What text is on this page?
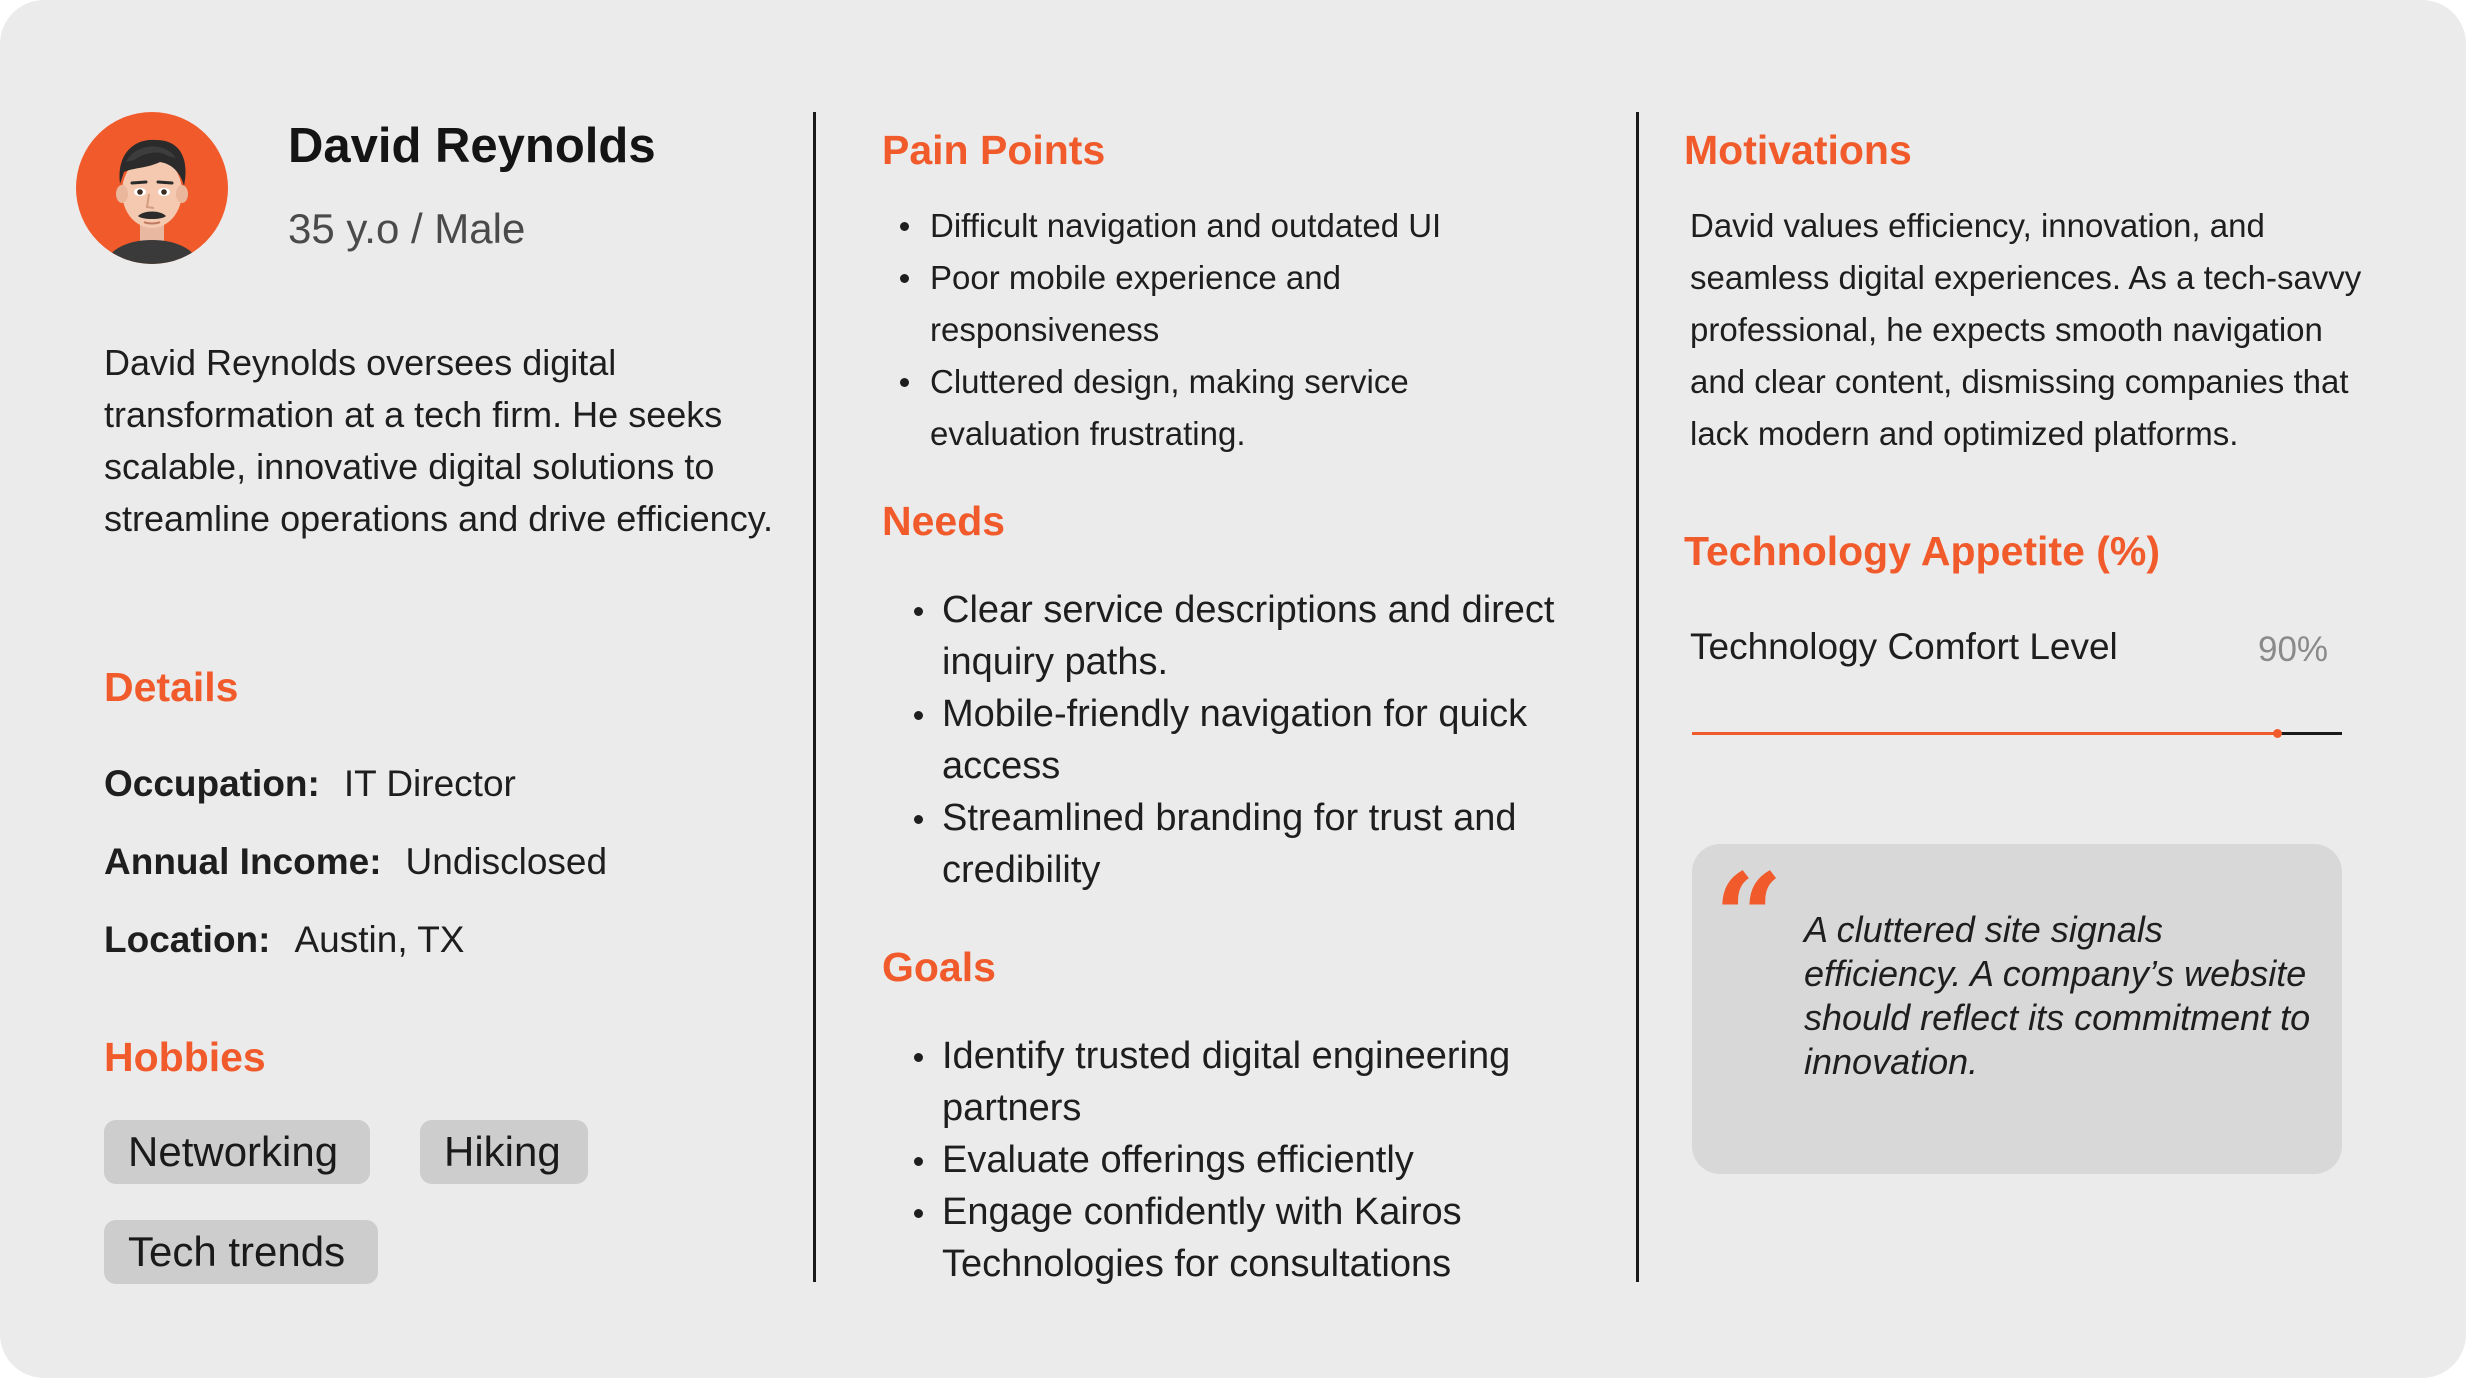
David Reynolds
35 y.o / Male

David Reynolds oversees digital transformation at a tech firm. He seeks scalable, innovative digital solutions to streamline operations and drive efficiency.

Details
Occupation: IT Director
Annual Income: Undisclosed
Location: Austin, TX
Hobbies
Networking	Hiking
Tech trends
Pain Points
Difficult navigation and outdated UI
Poor mobile experience and responsiveness
Cluttered design, making service evaluation frustrating.
Needs
Clear service descriptions and direct inquiry paths.
Mobile-friendly navigation for quick access
Streamlined branding for trust and credibility
Goals
Identify trusted digital engineering partners
Evaluate offerings efficiently
Engage confidently with Kairos Technologies for consultations
Motivations

David values efficiency, innovation, and seamless digital experiences. As a tech-savvy professional, he expects smooth navigation and clear content, dismissing companies that lack modern and optimized platforms.

Technology Appetite (%)
Technology Comfort Level	90%
“ A cluttered site signals efficiency. A company’s website should reflect its commitment to innovation.
